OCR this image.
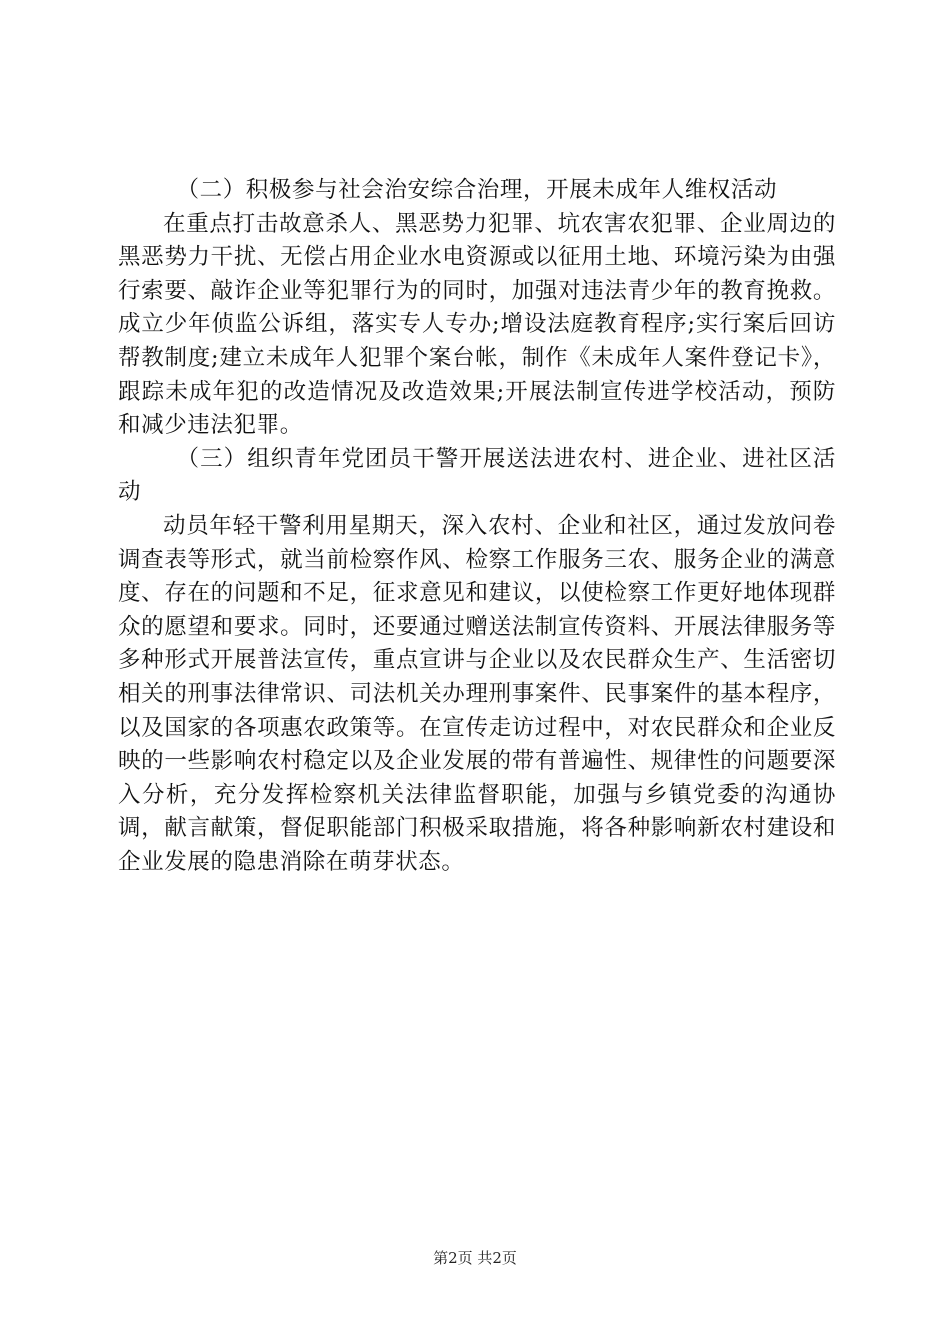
（二）积极参与社会治安综合治理，开展未成年人维权活动

在重点打击故意杀人、黑恶势力犯罪、坑农害农犯罪、企业周边的黑恶势力干扰、无偿占用企业水电资源或以征用土地、环境污染为由强行索要、敲诈企业等犯罪行为的同时，加强对违法青少年的教育挽救。成立少年侦监公诉组，落实专人专办;增设法庭教育程序;实行案后回访帮教制度;建立未成年人犯罪个案台帐，制作《未成年人案件登记卡》，跟踪未成年犯的改造情况及改造效果;开展法制宣传进学校活动，预防和减少违法犯罪。

（三）组织青年党团员干警开展送法进农村、进企业、进社区活动

动员年轻干警利用星期天，深入农村、企业和社区，通过发放问卷调查表等形式，就当前检察作风、检察工作服务三农、服务企业的满意度、存在的问题和不足，征求意见和建议，以使检察工作更好地体现群众的愿望和要求。同时，还要通过赠送法制宣传资料、开展法律服务等多种形式开展普法宣传，重点宣讲与企业以及农民群众生产、生活密切相关的刑事法律常识、司法机关办理刑事案件、民事案件的基本程序，以及国家的各项惠农政策等。在宣传走访过程中，对农民群众和企业反映的一些影响农村稳定以及企业发展的带有普遍性、规律性的问题要深入分析，充分发挥检察机关法律监督职能，加强与乡镇党委的沟通协调，献言献策，督促职能部门积极采取措施，将各种影响新农村建设和企业发展的隐患消除在萌芽状态。

第2页 共2页
